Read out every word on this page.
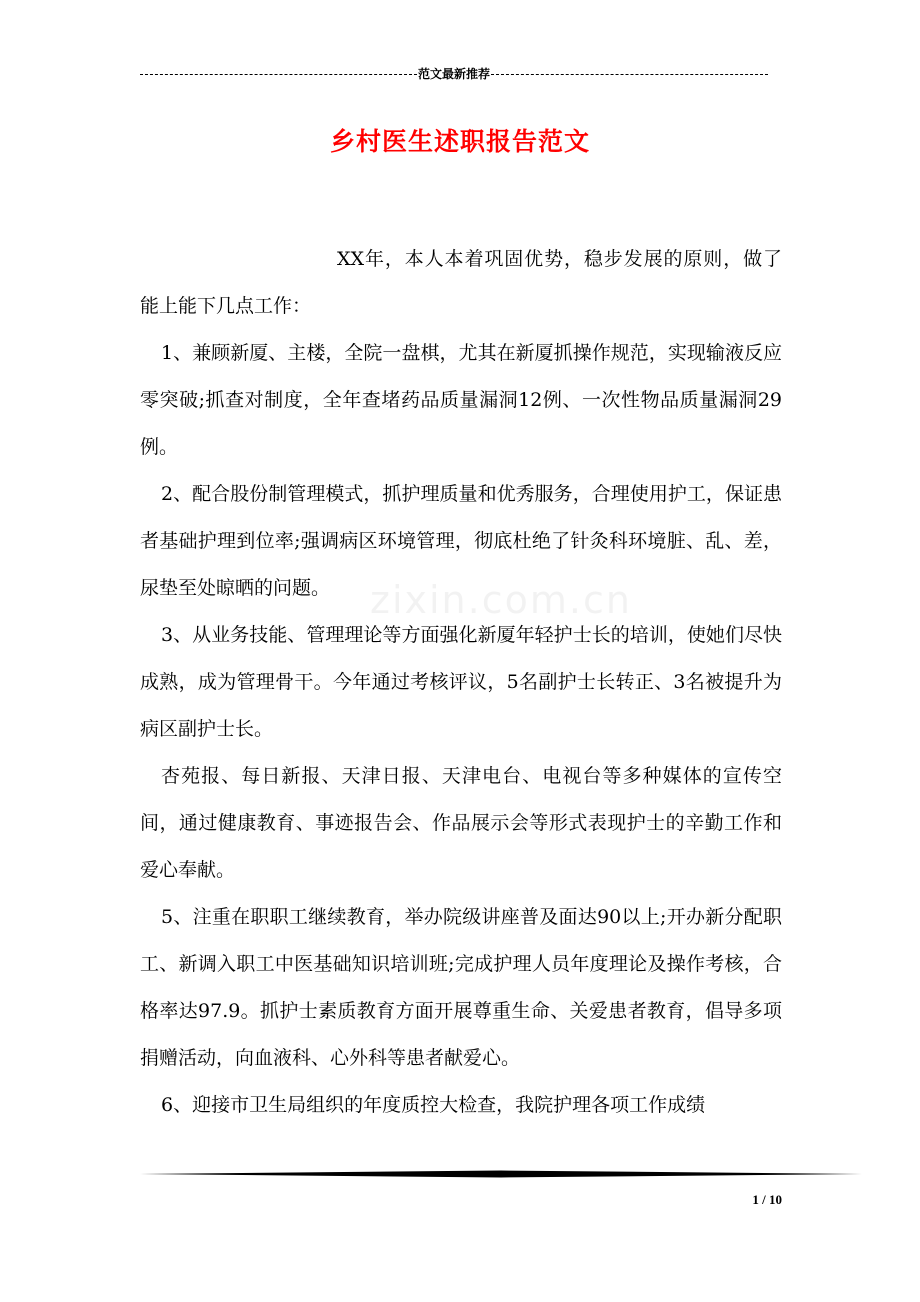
范文最新推荐
乡村医生述职报告范文
zixin.com.cn

XX年，本人本着巩固优势，稳步发展的原则，做了能上能下几点工作：

1、兼顾新厦、主楼，全院一盘棋，尤其在新厦抓操作规范，实现输液反应零突破;抓查对制度，全年查堵药品质量漏洞12例、一次性物品质量漏洞29例。

2、配合股份制管理模式，抓护理质量和优秀服务，合理使用护工，保证患者基础护理到位率;强调病区环境管理，彻底杜绝了针灸科环境脏、乱、差，尿垫至处晾晒的问题。

3、从业务技能、管理理论等方面强化新厦年轻护士长的培训，使她们尽快成熟，成为管理骨干。今年通过考核评议，5名副护士长转正、3名被提升为病区副护士长。

杏苑报、每日新报、天津日报、天津电台、电视台等多种媒体的宣传空间，通过健康教育、事迹报告会、作品展示会等形式表现护士的辛勤工作和爱心奉献。

5、注重在职职工继续教育，举办院级讲座普及面达90以上;开办新分配职工、新调入职工中医基础知识培训班;完成护理人员年度理论及操作考核，合格率达97.9。抓护士素质教育方面开展尊重生命、关爱患者教育，倡导多项捐赠活动，向血液科、心外科等患者献爱心。

6、迎接市卫生局组织的年度质控大检查，我院护理各项工作成绩

1 / 10
